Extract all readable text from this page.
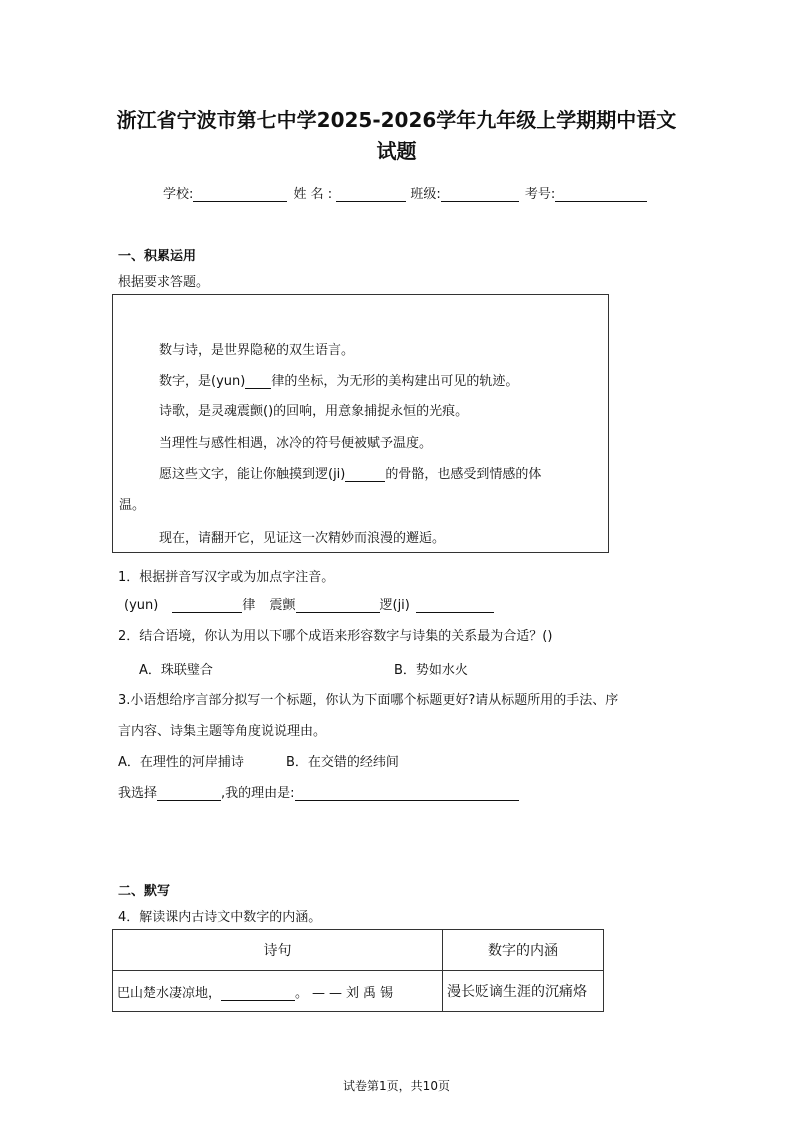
浙江省宁波市第七中学2025-2026学年九年级上学期期中语文
试题
学校:	姓 名 :	班级:	考号:
一、积累运用
根据要求答题。
数与诗，是世界隐秘的双生语言。
数字，是(yun) 律的坐标，为无形的美构建出可见的轨迹。
诗歌，是灵魂震颤()的回响，用意象捕捉永恒的光痕。
当理性与感性相遇，冰冷的符号便被赋予温度。
愿这些文字，能让你触摸到逻(ji)	的骨骼，也感受到情感的体
温。
现在，请翻开它，见证这一次精妙而浪漫的邂逅。
1．根据拼音写汉字或为加点字注音。
(yun)	律 震颤	逻(ji)
2．结合语境，你认为用以下哪个成语来形容数字与诗集的关系最为合适？()
A．珠联璧合	B．势如水火
3.小语想给序言部分拟写一个标题，你认为下面哪个标题更好?请从标题所用的手法、序
言内容、诗集主题等角度说说理由。
A．在理性的河岸捕诗	B．在交错的经纬间
我选择	,我的理由是:
二、默写
4．解读课内古诗文中数字的内涵。
诗句	数字的内涵
巴山楚水凄凉地， 。——刘禹锡	漫长贬谪生涯的沉痛烙
试卷第1页，共10页
